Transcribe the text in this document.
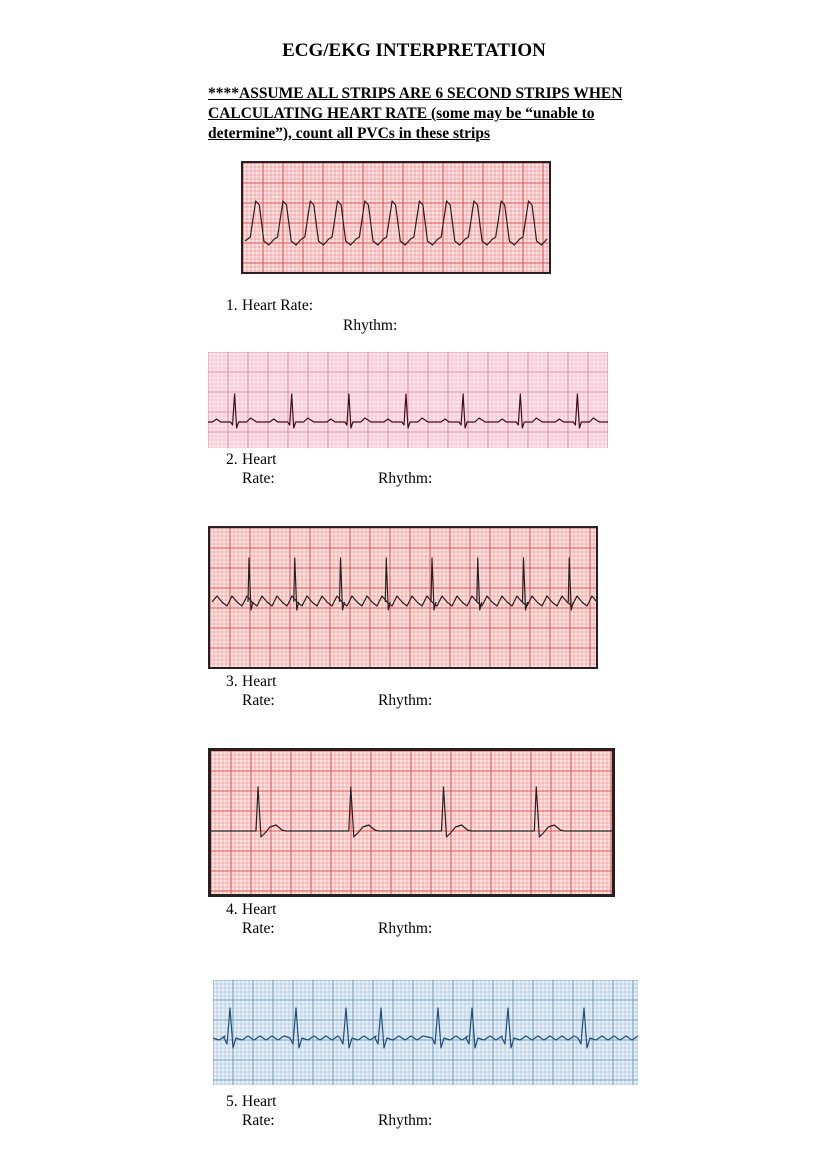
ECG/EKG INTERPRETATION
****ASSUME ALL STRIPS ARE 6 SECOND STRIPS WHEN CALCULATING HEART RATE (some may be “unable to determine”), count all PVCs in these strips
1. Heart Rate:
Rhythm:
2. Heart
Rate:	Rhythm:
3. Heart
Rate:	Rhythm:
4. Heart
Rate:	Rhythm:
5. Heart
Rate:	Rhythm:
